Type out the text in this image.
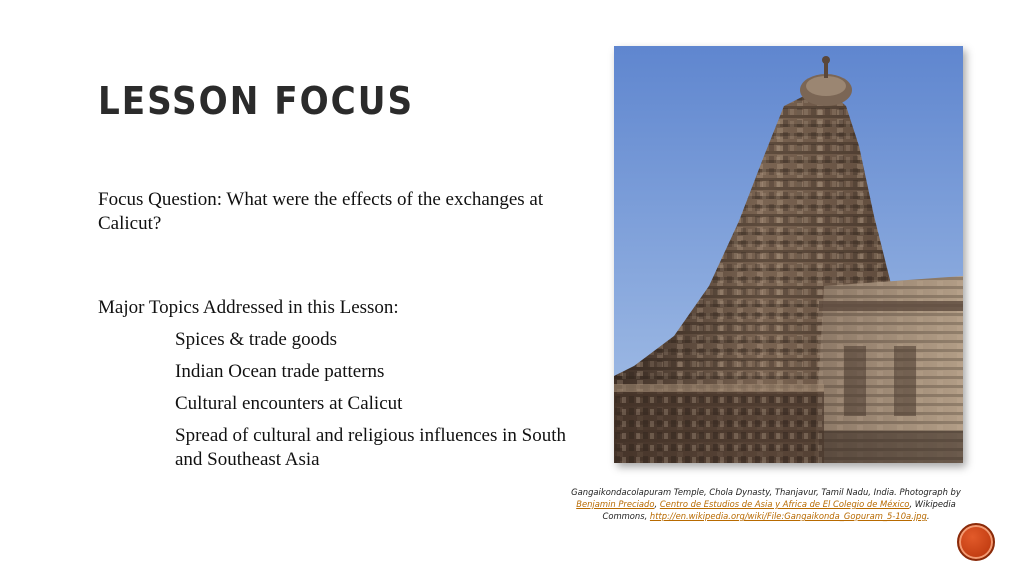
LESSON FOCUS

Focus Question: What were the effects of the exchanges at Calicut?

Major Topics Addressed in this Lesson:

Spices & trade goods

Indian Ocean trade patterns

Cultural encounters at Calicut

Spread of cultural and religious influences in South and Southeast Asia

Gangaikondacolapuram Temple, Chola Dynasty, Thanjavur, Tamil Nadu, India. Photograph by Benjamin Preciado, Centro de Estudios de Asia y Africa de El Colegio de México, Wikipedia Commons, http://en.wikipedia.org/wiki/File:Gangaikonda_Gopuram_5-10a.jpg.
